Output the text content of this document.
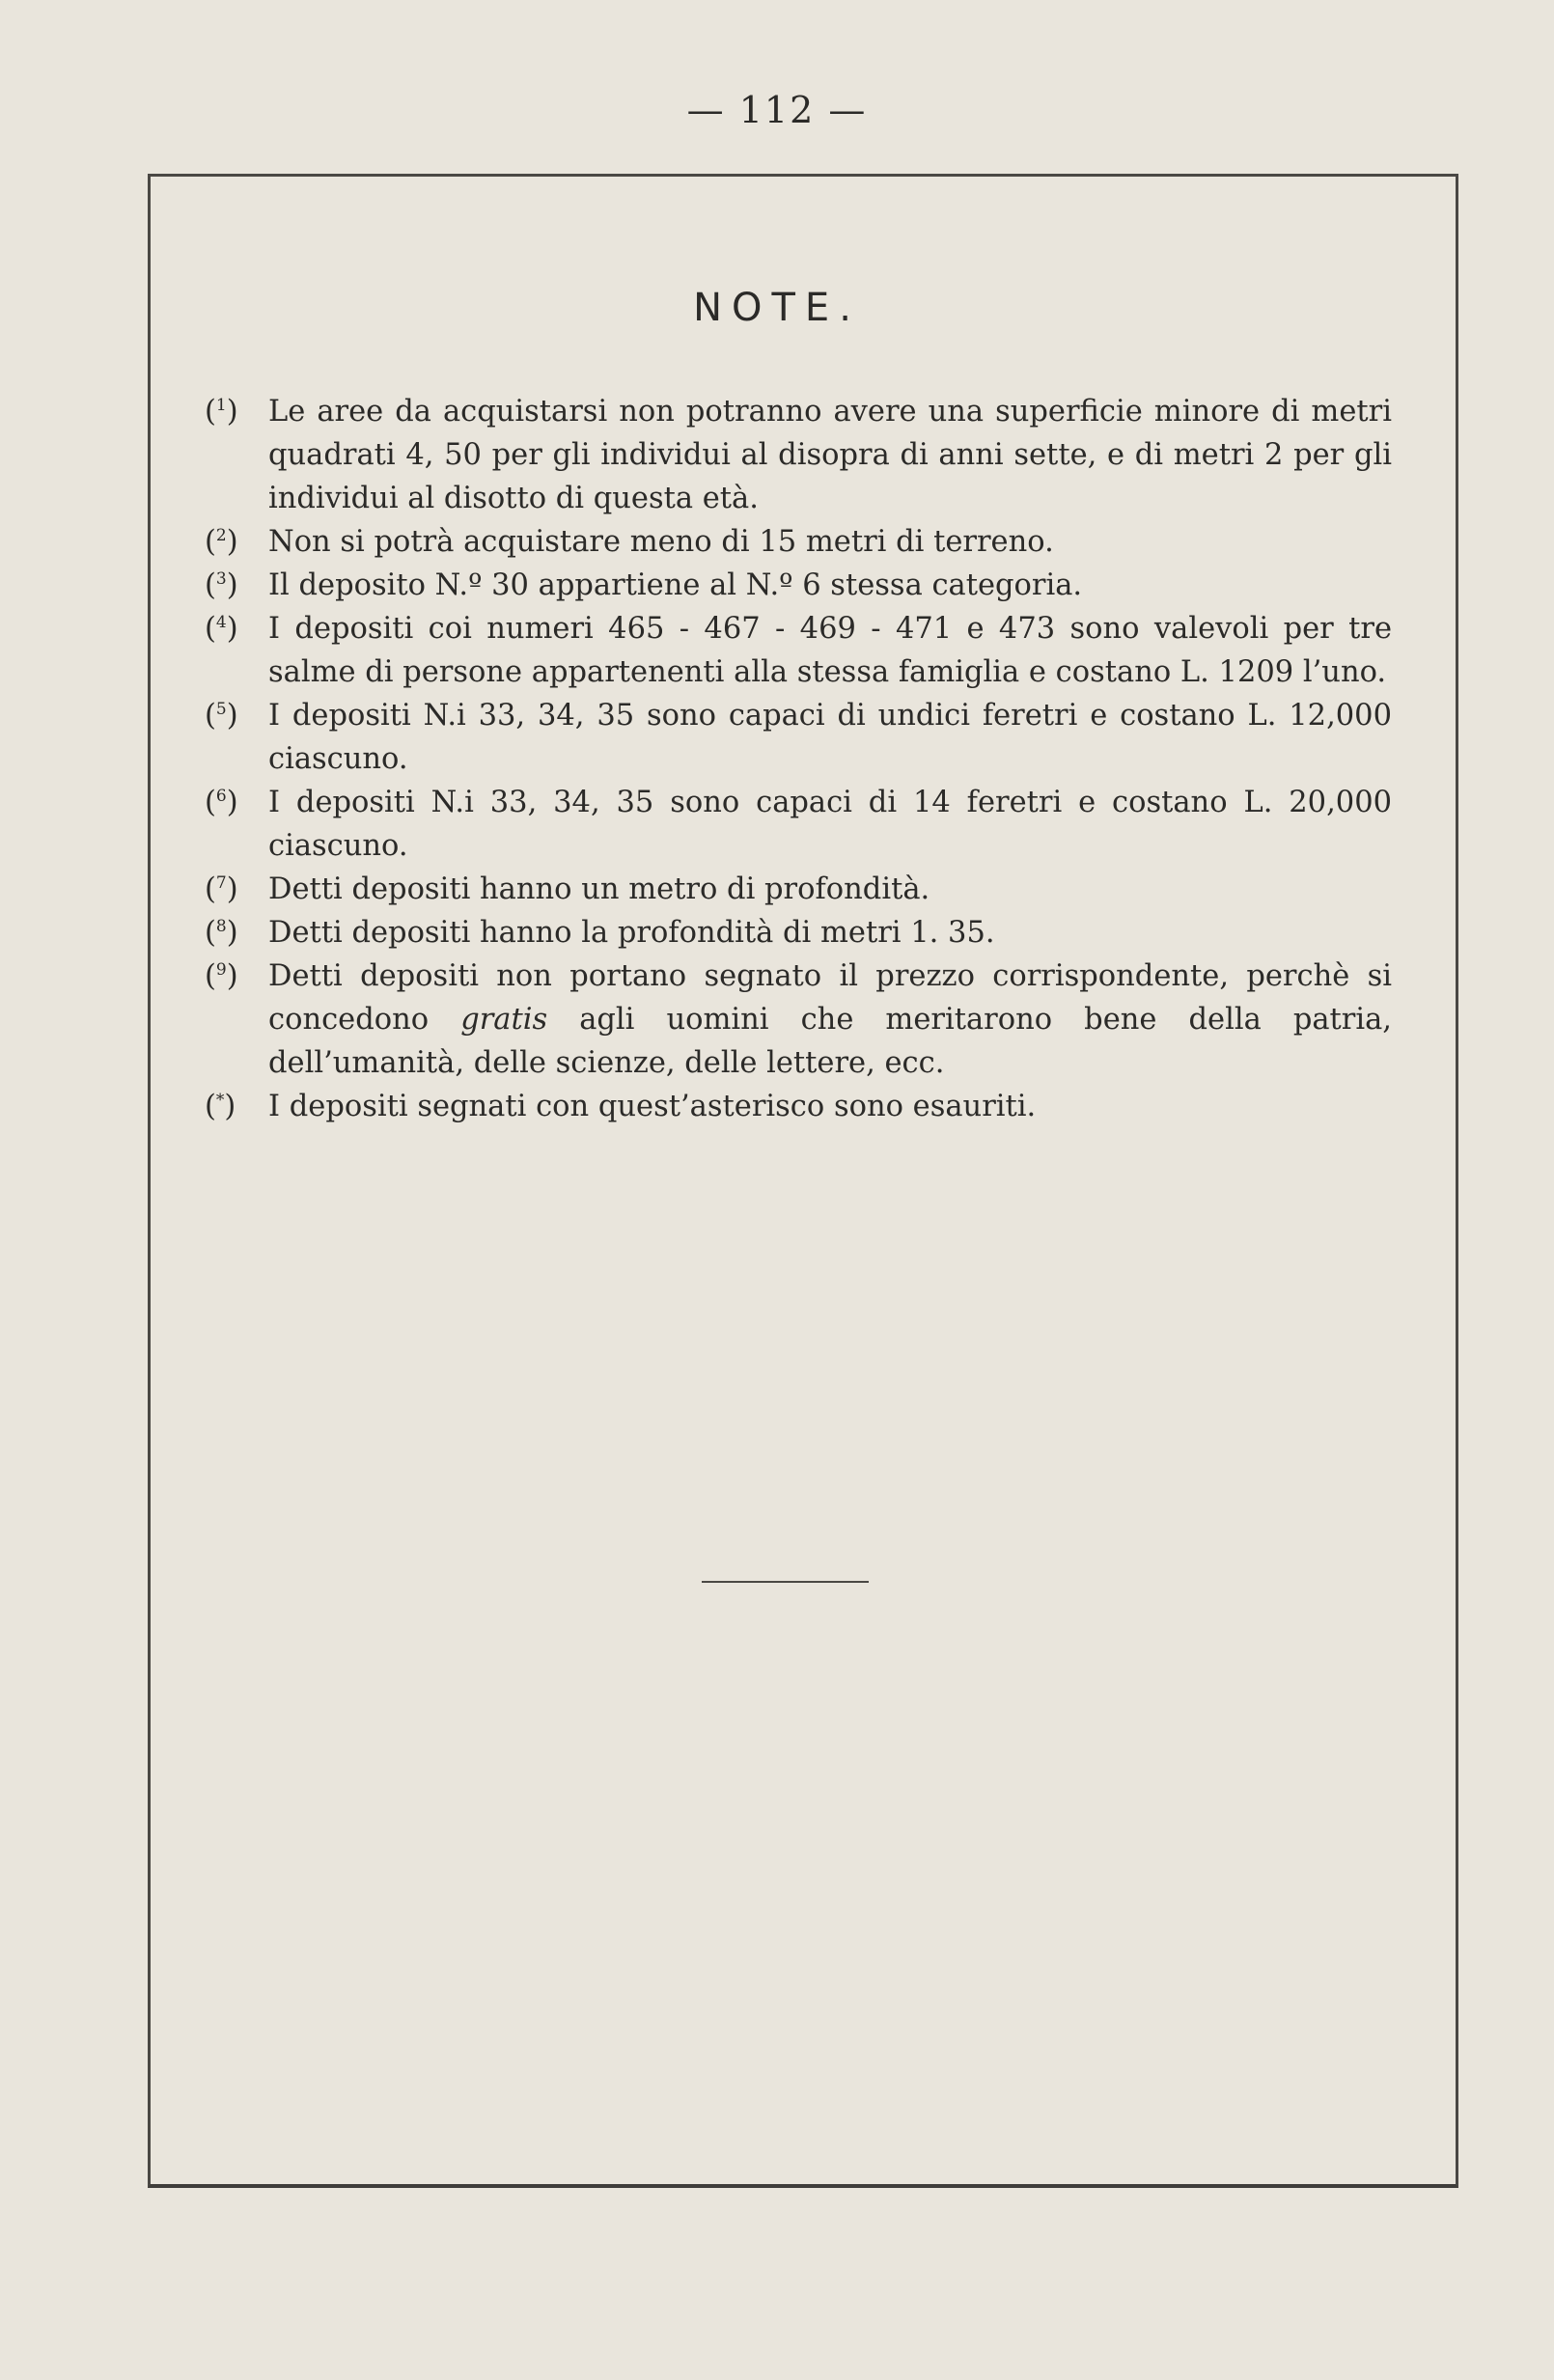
— 112 —
NOTE.
($^1$) Le aree da acquistarsi non potranno avere una superficie minore di metri quadrati 4, 50 per gli individui al disopra di anni sette, e di metri 2 per gli individui al disotto di questa età.
($^2$) Non si potrà acquistare meno di 15 metri di terreno.
($^3$) Il deposito N.º 30 appartiene al N.º 6 stessa categoria.
($^4$) I depositi coi numeri 465 - 467 - 469 - 471 e 473 sono valevoli per tre salme di persone appartenenti alla stessa famiglia e costano L. 1209 l’uno.
($^5$) I depositi N.i 33, 34, 35 sono capaci di undici feretri e costano L. 12,000 ciascuno.
($^6$) I depositi N.i 33, 34, 35 sono capaci di 14 feretri e costano L. 20,000 ciascuno.
($^7$) Detti depositi hanno un metro di profondità.
($^8$) Detti depositi hanno la profondità di metri 1. 35.
($^9$) Detti depositi non portano segnato il prezzo corrispondente, perchè si concedono gratis agli uomini che meritarono bene della patria, dell’umanità, delle scienze, delle lettere, ecc.
(*) I depositi segnati con quest’asterisco sono esauriti.
